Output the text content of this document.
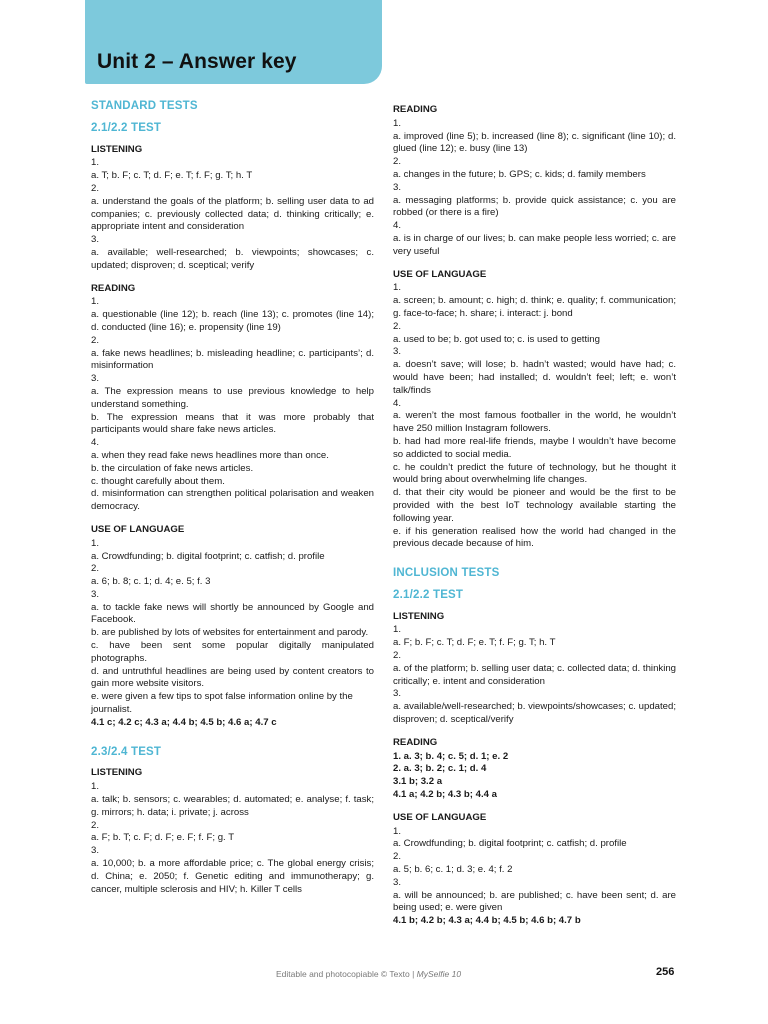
Unit 2 – Answer key
STANDARD TESTS
2.1/2.2 TEST
LISTENING
1.
a. T; b. F; c. T; d. F; e. T; f. F; g. T; h. T
2.
a. understand the goals of the platform; b. selling user data to ad companies; c. previously collected data; d. thinking critically; e. appropriate intent and consideration
3.
a. available; well-researched; b. viewpoints; showcases; c. updated; disproven; d. sceptical; verify
READING
1.
a. questionable (line 12); b. reach (line 13); c. promotes (line 14); d. conducted (line 16); e. propensity (line 19)
2.
a. fake news headlines; b. misleading headline; c. participants’; d. misinformation
3.
a. The expression means to use previous knowledge to help understand something.
b. The expression means that it was more probably that participants would share fake news articles.
4.
a. when they read fake news headlines more than once.
b. the circulation of fake news articles.
c. thought carefully about them.
d. misinformation can strengthen political polarisation and weaken democracy.
USE OF LANGUAGE
1.
a. Crowdfunding; b. digital footprint; c. catfish; d. profile
2.
a. 6; b. 8; c. 1; d. 4; e. 5; f. 3
3.
a. to tackle fake news will shortly be announced by Google and Facebook.
b. are published by lots of websites for entertainment and parody.
c. have been sent some popular digitally manipulated photographs.
d. and untruthful headlines are being used by content creators to gain more website visitors.
e. were given a few tips to spot false information online by the
journalist.
4.1 c; 4.2 c; 4.3 a; 4.4 b; 4.5 b; 4.6 a; 4.7 c
2.3/2.4 TEST
LISTENING
1.
a. talk; b. sensors; c. wearables; d. automated; e. analyse; f. task; g. mirrors; h. data; i. private; j. across
2.
a. F; b. T; c. F; d. F; e. F; f. F; g. T
3.
a. 10,000; b. a more affordable price; c. The global energy crisis; d. China; e. 2050; f. Genetic editing and immunotherapy; g. cancer, multiple sclerosis and HIV; h. Killer T cells
READING
1.
a. improved (line 5); b. increased (line 8); c. significant (line 10); d. glued (line 12); e. busy (line 13)
2.
a. changes in the future; b. GPS; c. kids; d. family members
3.
a. messaging platforms; b. provide quick assistance; c. you are robbed (or there is a fire)
4.
a. is in charge of our lives; b. can make people less worried; c. are very useful
USE OF LANGUAGE
1.
a. screen; b. amount; c. high; d. think; e. quality; f. communication; g. face-to-face; h. share; i. interact: j. bond
2.
a. used to be; b. got used to; c. is used to getting
3.
a. doesn’t save; will lose; b. hadn’t wasted; would have had; c. would have been; had installed; d. wouldn’t feel; left; e. won’t talk/finds
4.
a. weren’t the most famous footballer in the world, he wouldn’t have 250 million Instagram followers.
b. had had more real-life friends, maybe I wouldn’t have become so addicted to social media.
c. he couldn’t predict the future of technology, but he thought it would bring about overwhelming life changes.
d. that their city would be pioneer and would be the first to be provided with the best IoT technology available starting the following year.
e. if his generation realised how the world had changed in the previous decade because of him.
INCLUSION TESTS
2.1/2.2 TEST
LISTENING
1.
a. F; b. F; c. T; d. F; e. T; f. F; g. T; h. T
2.
a. of the platform; b. selling user data; c. collected data; d. thinking critically; e. intent and consideration
3.
a. available/well-researched; b. viewpoints/showcases; c. updated; disproven; d. sceptical/verify
READING
1. a. 3; b. 4; c. 5; d. 1; e. 2
2. a. 3; b. 2; c. 1; d. 4
3.1 b; 3.2 a
4.1 a; 4.2 b; 4.3 b; 4.4 a
USE OF LANGUAGE
1.
a. Crowdfunding; b. digital footprint; c. catfish; d. profile
2.
a. 5; b. 6; c. 1; d. 3; e. 4; f. 2
3.
a. will be announced; b. are published; c. have been sent; d. are being used; e. were given
4.1 b; 4.2 b; 4.3 a; 4.4 b; 4.5 b; 4.6 b; 4.7 b
Editable and photocopiable © Texto | MySelfie 10	256
